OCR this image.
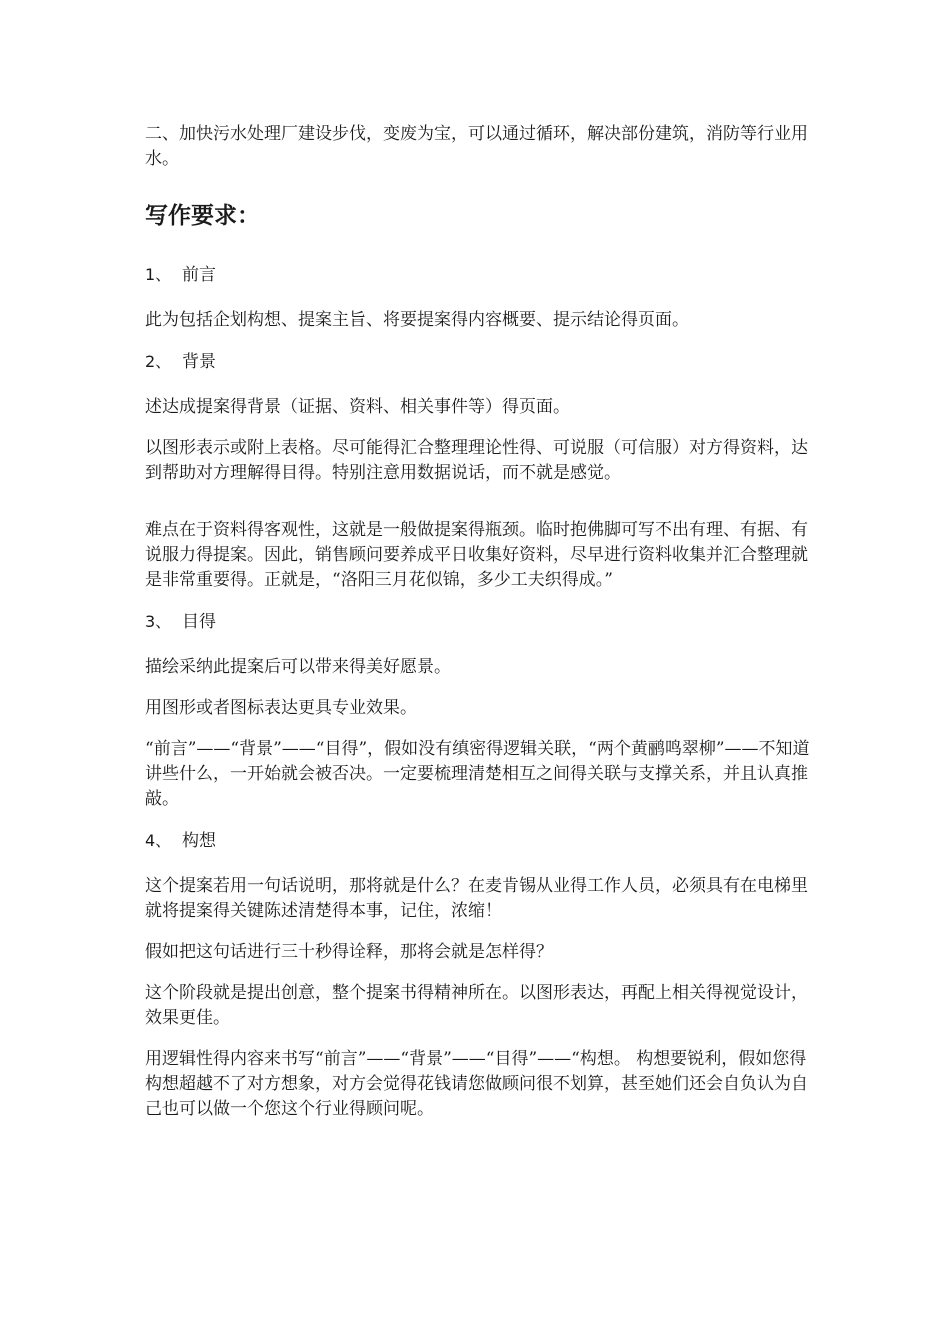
二、加快污水处理厂建设步伐，变废为宝，可以通过循环，解决部份建筑，消防等行业用水。

写作要求：

1、 前言

此为包括企划构想、提案主旨、将要提案得内容概要、提示结论得页面。

2、 背景

述达成提案得背景（证据、资料、相关事件等）得页面。

以图形表示或附上表格。尽可能得汇合整理理论性得、可说服（可信服）对方得资料，达到帮助对方理解得目得。特别注意用数据说话，而不就是感觉。

难点在于资料得客观性，这就是一般做提案得瓶颈。临时抱佛脚可写不出有理、有据、有说服力得提案。因此，销售顾问要养成平日收集好资料，尽早进行资料收集并汇合整理就是非常重要得。正就是，“洛阳三月花似锦，多少工夫织得成。”

3、 目得

描绘采纳此提案后可以带来得美好愿景。

用图形或者图标表达更具专业效果。

“前言”——“背景”——“目得”，假如没有缜密得逻辑关联，“两个黄鹂鸣翠柳”——不知道讲些什么，一开始就会被否决。一定要梳理清楚相互之间得关联与支撑关系，并且认真推敲。

4、 构想

这个提案若用一句话说明，那将就是什么？在麦肯锡从业得工作人员，必须具有在电梯里就将提案得关键陈述清楚得本事，记住，浓缩！

假如把这句话进行三十秒得诠释，那将会就是怎样得？

这个阶段就是提出创意，整个提案书得精神所在。以图形表达，再配上相关得视觉设计，效果更佳。

用逻辑性得内容来书写“前言”——“背景”——“目得”——“构想。 构想要锐利，假如您得构想超越不了对方想象，对方会觉得花钱请您做顾问很不划算，甚至她们还会自负认为自己也可以做一个您这个行业得顾问呢。
